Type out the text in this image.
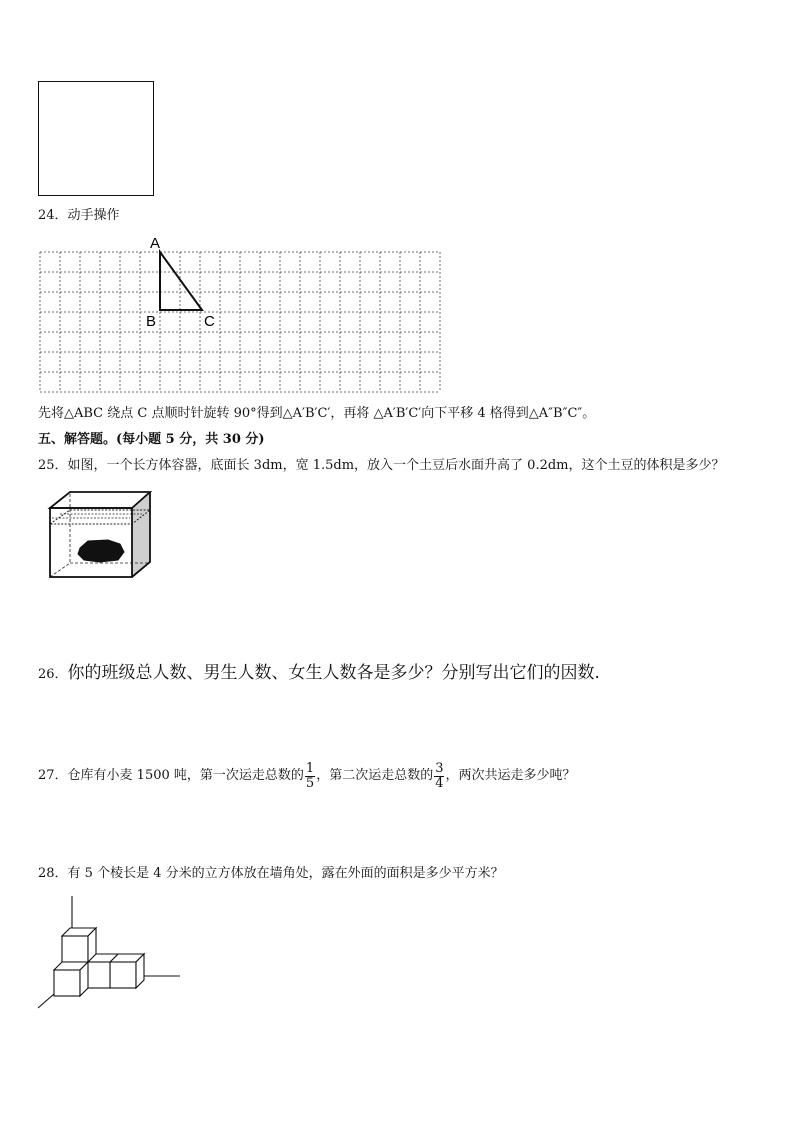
24．动手操作
A
B	C
先将△ABC 绕点 C 点顺时针旋转 90°得到△A′B′C′，再将 △A′B′C′向下平移 4 格得到△A″B″C″。
五、解答题。(每小题 5 分，共 30 分)
25．如图，一个长方体容器，底面长 3dm，宽 1.5dm，放入一个土豆后水面升高了 0.2dm，这个土豆的体积是多少？
26．你的班级总人数、男生人数、女生人数各是多少？分别写出它们的因数.
27．仓库有小麦 1500 吨，第一次运走总数的 $\frac{1}{5}$ ，第二次运走总数的 $\frac{3}{4}$ ，两次共运走多少吨？
28．有 5 个棱长是 4 分米的立方体放在墙角处，露在外面的面积是多少平方米？
